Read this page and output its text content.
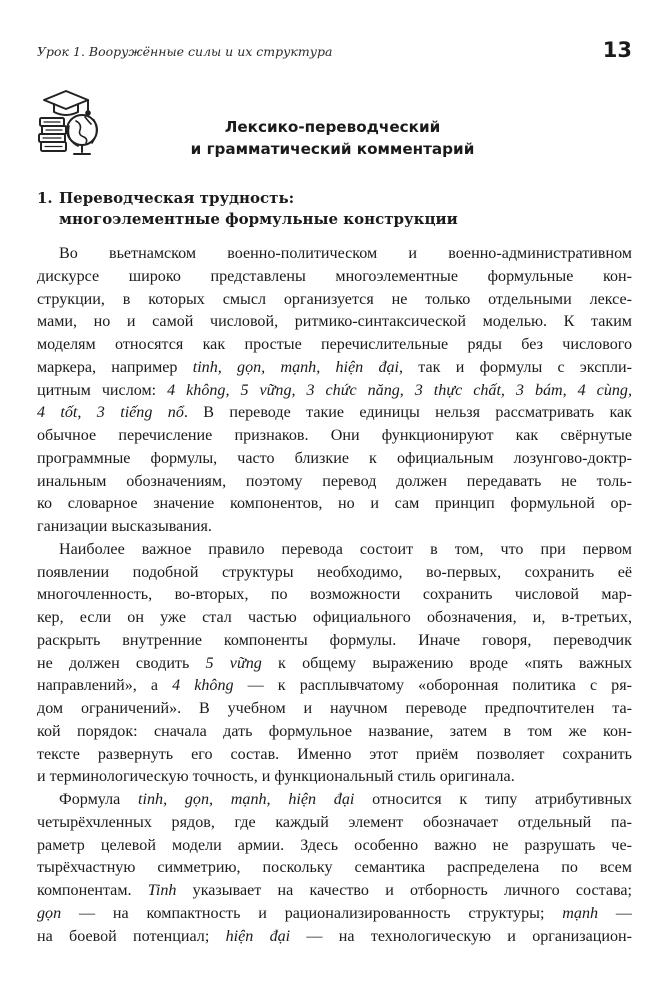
Урок 1. Вооружённые силы и их структура	13
Лексико-переводческий
и грамматический комментарий
1. Переводческая трудность:
многоэлементные формульные конструкции
Во вьетнамском военно-политическом и военно-административном
дискурсе широко представлены многоэлементные формульные кон-
струкции, в которых смысл организуется не только отдельными лексе-
мами, но и самой числовой, ритмико-синтаксической моделью. К таким
моделям относятся как простые перечислительные ряды без числового
маркера, например tinh, gọn, mạnh, hiện đại, так и формулы с экспли-
цитным числом: 4 không, 5 vững, 3 chức năng, 3 thực chất, 3 bám, 4 cùng,
4 tốt, 3 tiếng nổ. В переводе такие единицы нельзя рассматривать как
обычное перечисление признаков. Они функционируют как свёрнутые
программные формулы, часто близкие к официальным лозунгово-доктр-
инальным обозначениям, поэтому перевод должен передавать не толь-
ко словарное значение компонентов, но и сам принцип формульной ор-
ганизации высказывания.
Наиболее важное правило перевода состоит в том, что при первом
появлении подобной структуры необходимо, во-первых, сохранить её
многочленность, во-вторых, по возможности сохранить числовой мар-
кер, если он уже стал частью официального обозначения, и, в-третьих,
раскрыть внутренние компоненты формулы. Иначе говоря, переводчик
не должен сводить 5 vững к общему выражению вроде «пять важных
направлений», а 4 không — к расплывчатому «оборонная политика с ря-
дом ограничений». В учебном и научном переводе предпочтителен та-
кой порядок: сначала дать формульное название, затем в том же кон-
тексте развернуть его состав. Именно этот приём позволяет сохранить
и терминологическую точность, и функциональный стиль оригинала.
Формула tinh, gọn, mạnh, hiện đại относится к типу атрибутивных
четырёхчленных рядов, где каждый элемент обозначает отдельный па-
раметр целевой модели армии. Здесь особенно важно не разрушать че-
тырёхчастную симметрию, поскольку семантика распределена по всем
компонентам. Tinh указывает на качество и отборность личного состава;
gọn — на компактность и рационализированность структуры; mạnh —
на боевой потенциал; hiện đại — на технологическую и организацион-
